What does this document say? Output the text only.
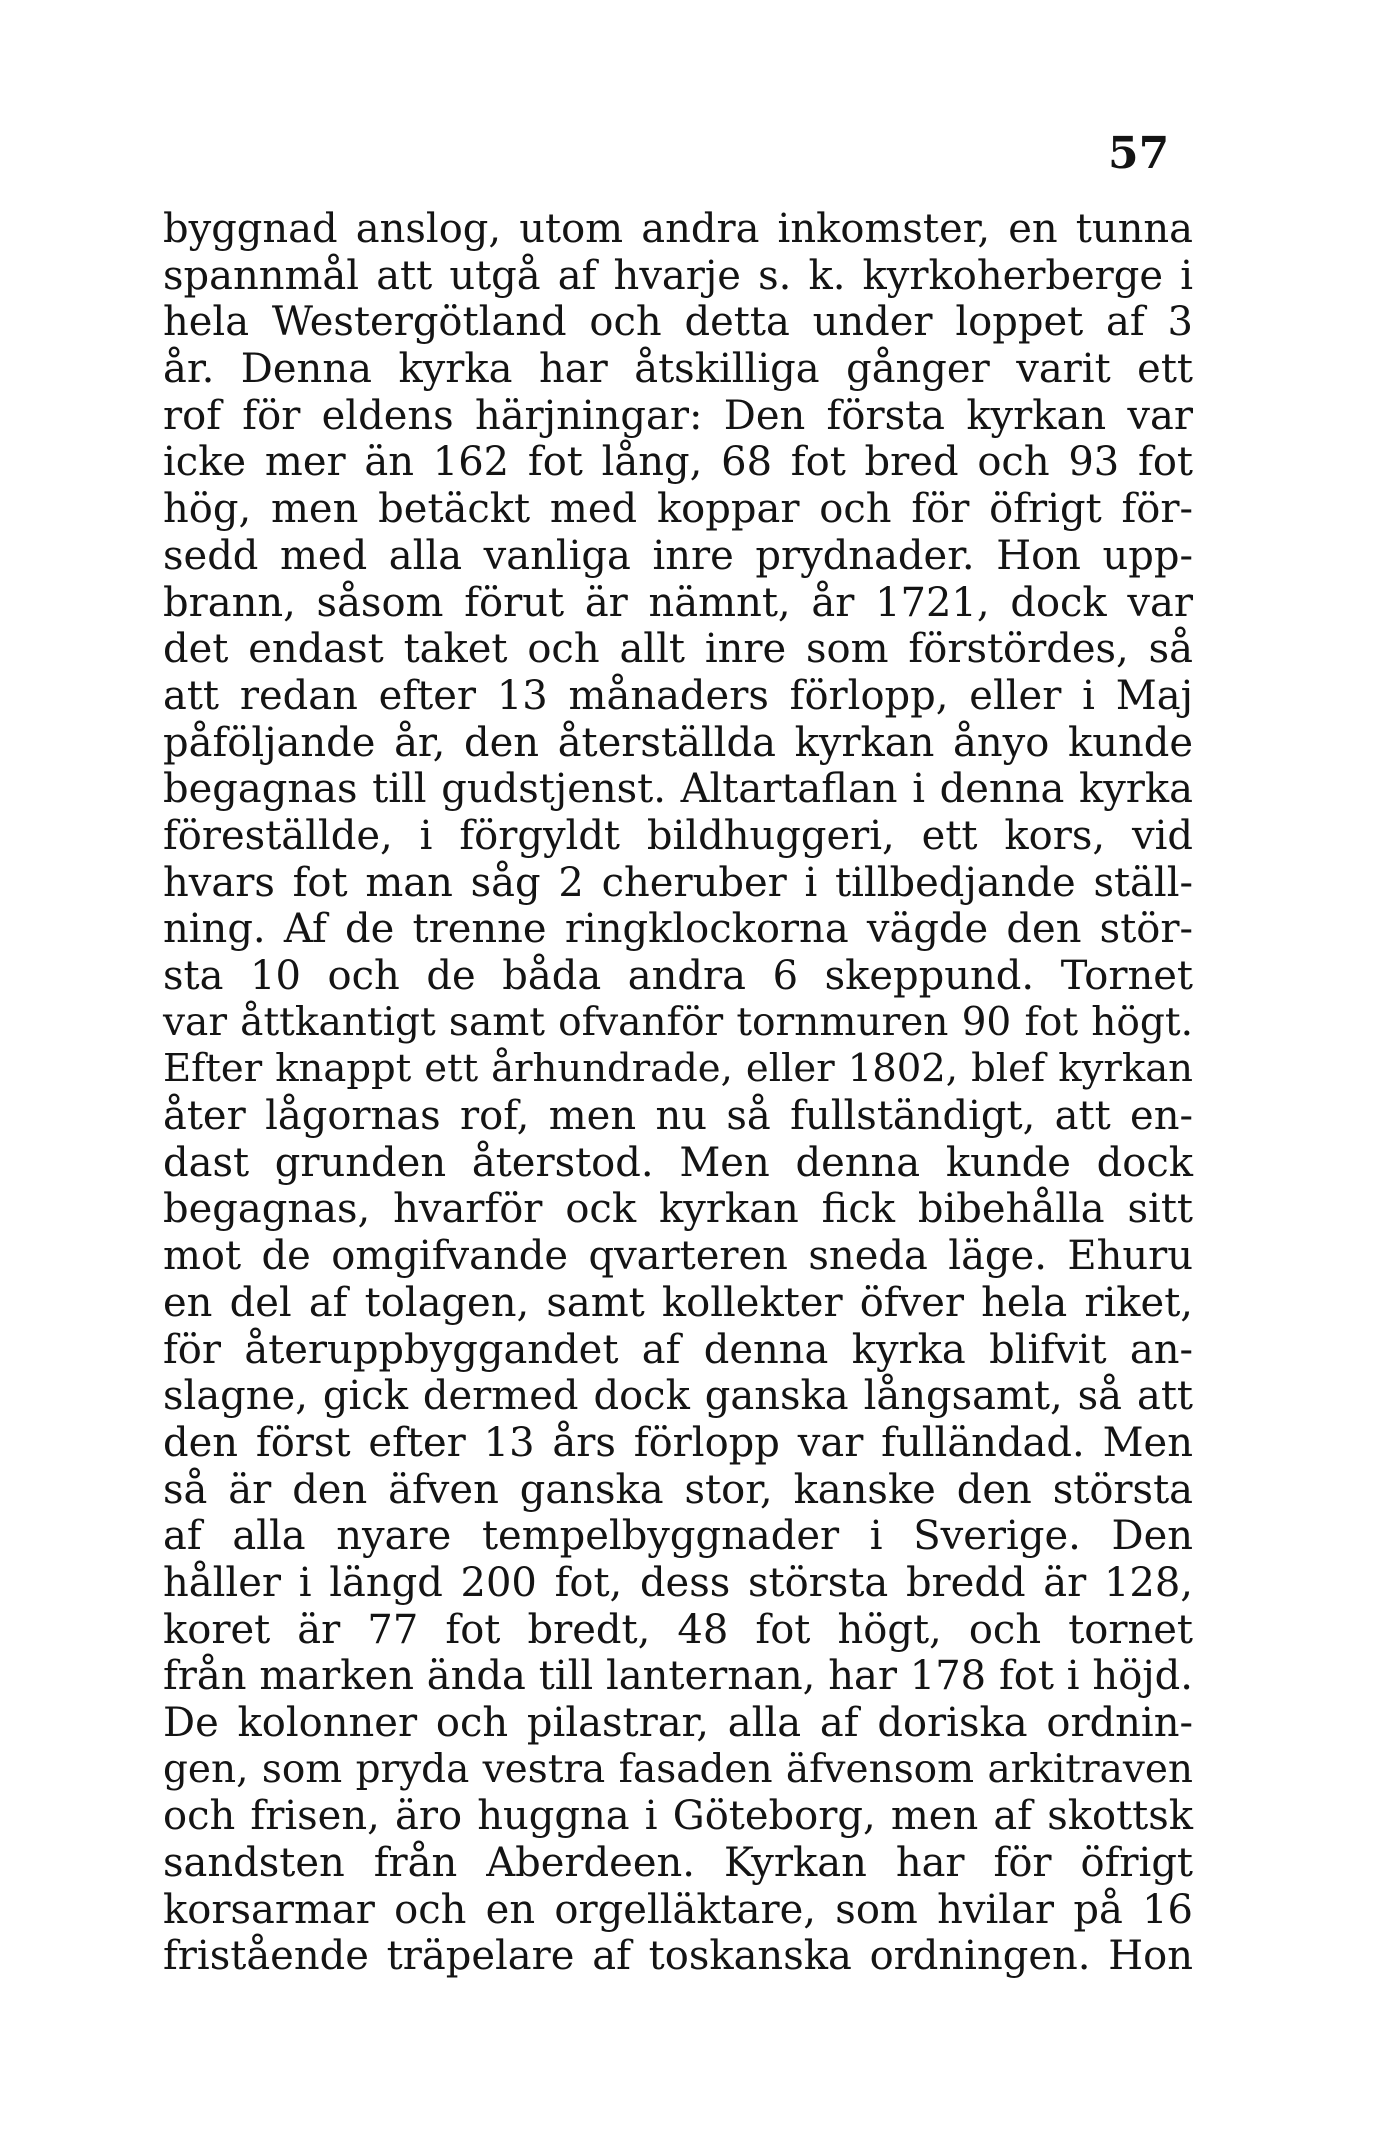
57
byggnad anslog, utom andra inkomster, en tunna
spannmål att utgå af hvarje s. k. kyrkoherberge i
hela Westergötland och detta under loppet af 3
år. Denna kyrka har åtskilliga gånger varit ett
rof för eldens härjningar: Den första kyrkan var
icke mer än 162 fot lång, 68 fot bred och 93 fot
hög, men betäckt med koppar och för öfrigt för-
sedd med alla vanliga inre prydnader. Hon upp-
brann, såsom förut är nämnt, år 1721, dock var
det endast taket och allt inre som förstördes, så
att redan efter 13 månaders förlopp, eller i Maj
påföljande år, den återställda kyrkan ånyo kunde
begagnas till gudstjenst. Altartaflan i denna kyrka
föreställde, i förgyldt bildhuggeri, ett kors, vid
hvars fot man såg 2 cheruber i tillbedjande ställ-
ning. Af de trenne ringklockorna vägde den stör-
sta 10 och de båda andra 6 skeppund. Tornet
var åttkantigt samt ofvanför tornmuren 90 fot högt.
Efter knappt ett århundrade, eller 1802, blef kyrkan
åter lågornas rof, men nu så fullständigt, att en-
dast grunden återstod. Men denna kunde dock
begagnas, hvarför ock kyrkan fick bibehålla sitt
mot de omgifvande qvarteren sneda läge. Ehuru
en del af tolagen, samt kollekter öfver hela riket,
för återuppbyggandet af denna kyrka blifvit an-
slagne, gick dermed dock ganska långsamt, så att
den först efter 13 års förlopp var fulländad. Men
så är den äfven ganska stor, kanske den största
af alla nyare tempelbyggnader i Sverige. Den
håller i längd 200 fot, dess största bredd är 128,
koret är 77 fot bredt, 48 fot högt, och tornet
från marken ända till lanternan, har 178 fot i höjd.
De kolonner och pilastrar, alla af doriska ordnin-
gen, som pryda vestra fasaden äfvensom arkitraven
och frisen, äro huggna i Göteborg, men af skottsk
sandsten från Aberdeen. Kyrkan har för öfrigt
korsarmar och en orgelläktare, som hvilar på 16
fristående träpelare af toskanska ordningen. Hon
